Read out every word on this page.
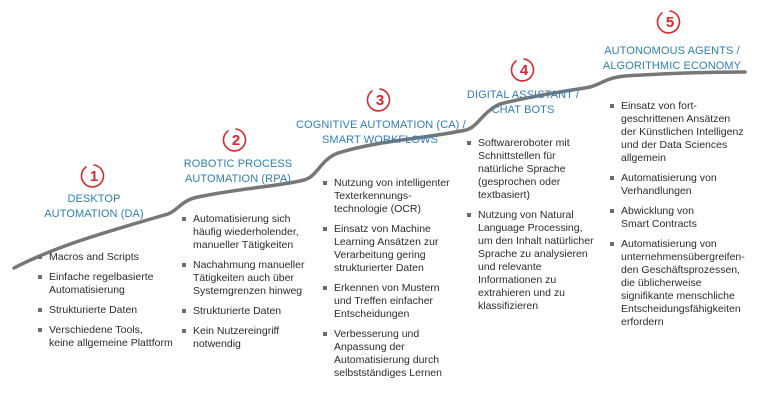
1
DESKTOP
AUTOMATION (DA)
Macros and Scripts
Einfache regelbasierte
Automatisierung
Strukturierte Daten
Verschiedene Tools,
keine allgemeine Plattform
2
ROBOTIC PROCESS
AUTOMATION (RPA)
Automatisierung sich
häufig wiederholender,
manueller Tätigkeiten
Nachahmung manueller
Tätigkeiten auch über
Systemgrenzen hinweg
Strukturierte Daten
Kein Nutzereingriff
notwendig
3
COGNITIVE AUTOMATION (CA) /
SMART WORKFLOWS
Nutzung von intelligenter
Texterkennungs-
technologie (OCR)
Einsatz von Machine
Learning Ansätzen zur
Verarbeitung gering
strukturierter Daten
Erkennen von Mustern
und Treffen einfacher
Entscheidungen
Verbesserung und
Anpassung der
Automatisierung durch
selbstständiges Lernen
4
DIGITAL ASSISTANT /
CHAT BOTS
Softwareroboter mit
Schnittstellen für
natürliche Sprache
(gesprochen oder
textbasiert)
Nutzung von Natural
Language Processing,
um den Inhalt natürlicher
Sprache zu analysieren
und relevante
Informationen zu
extrahieren und zu
klassifizieren
5
AUTONOMOUS AGENTS /
ALGORITHMIC ECONOMY
Einsatz von fort-
geschrittenen Ansätzen
der Künstlichen Intelligenz
und der Data Sciences
allgemein
Automatisierung von
Verhandlungen
Abwicklung von
Smart Contracts
Automatisierung von
unternehmensübergreifen-
den Geschäftsprozessen,
die üblicherweise
signifikante menschliche
Entscheidungsfähigkeiten
erfordern
